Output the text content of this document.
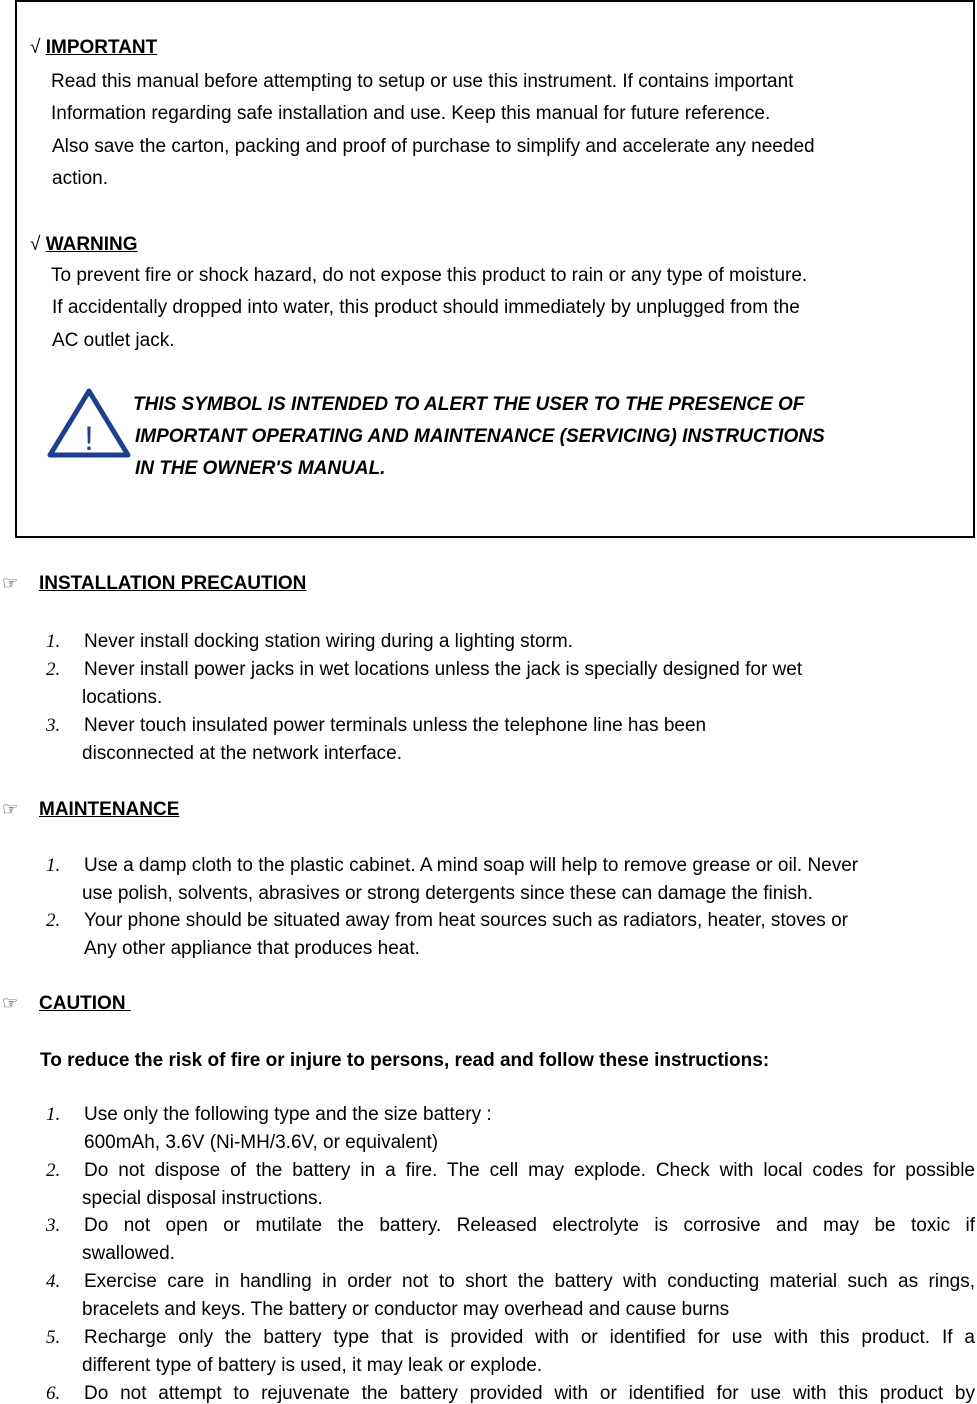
√ IMPORTANT
Read this manual before attempting to setup or use this instrument. If contains important
Information regarding safe installation and use. Keep this manual for future reference.
Also save the carton, packing and proof of purchase to simplify and accelerate any needed
action.
√ WARNING
To prevent fire or shock hazard, do not expose this product to rain or any type of moisture.
If accidentally dropped into water, this product should immediately by unplugged from the
AC outlet jack.
!
THIS SYMBOL IS INTENDED TO ALERT THE USER TO THE PRESENCE OF
IMPORTANT OPERATING AND MAINTENANCE (SERVICING) INSTRUCTIONS
IN THE OWNER'S MANUAL.
☞ INSTALLATION PRECAUTION
1. Never install docking station wiring during a lighting storm.
2. Never install power jacks in wet locations unless the jack is specially designed for wet
locations.
3. Never touch insulated power terminals unless the telephone line has been
disconnected at the network interface.
☞ MAINTENANCE
1. Use a damp cloth to the plastic cabinet. A mind soap will help to remove grease or oil. Never
use polish, solvents, abrasives or strong detergents since these can damage the finish.
2. Your phone should be situated away from heat sources such as radiators, heater, stoves or
Any other appliance that produces heat.
☞ CAUTION
To reduce the risk of fire or injure to persons, read and follow these instructions:
1. Use only the following type and the size battery :
600mAh, 3.6V (Ni-MH/3.6V, or equivalent)
2. Do not dispose of the battery in a fire. The cell may explode. Check with local codes for possible
special disposal instructions.
3. Do not open or mutilate the battery. Released electrolyte is corrosive and may be toxic if
swallowed.
4. Exercise care in handling in order not to short the battery with conducting material such as rings,
bracelets and keys. The battery or conductor may overhead and cause burns
5. Recharge only the battery type that is provided with or identified for use with this product. If a
different type of battery is used, it may leak or explode.
6. Do not attempt to rejuvenate the battery provided with or identified for use with this product by
